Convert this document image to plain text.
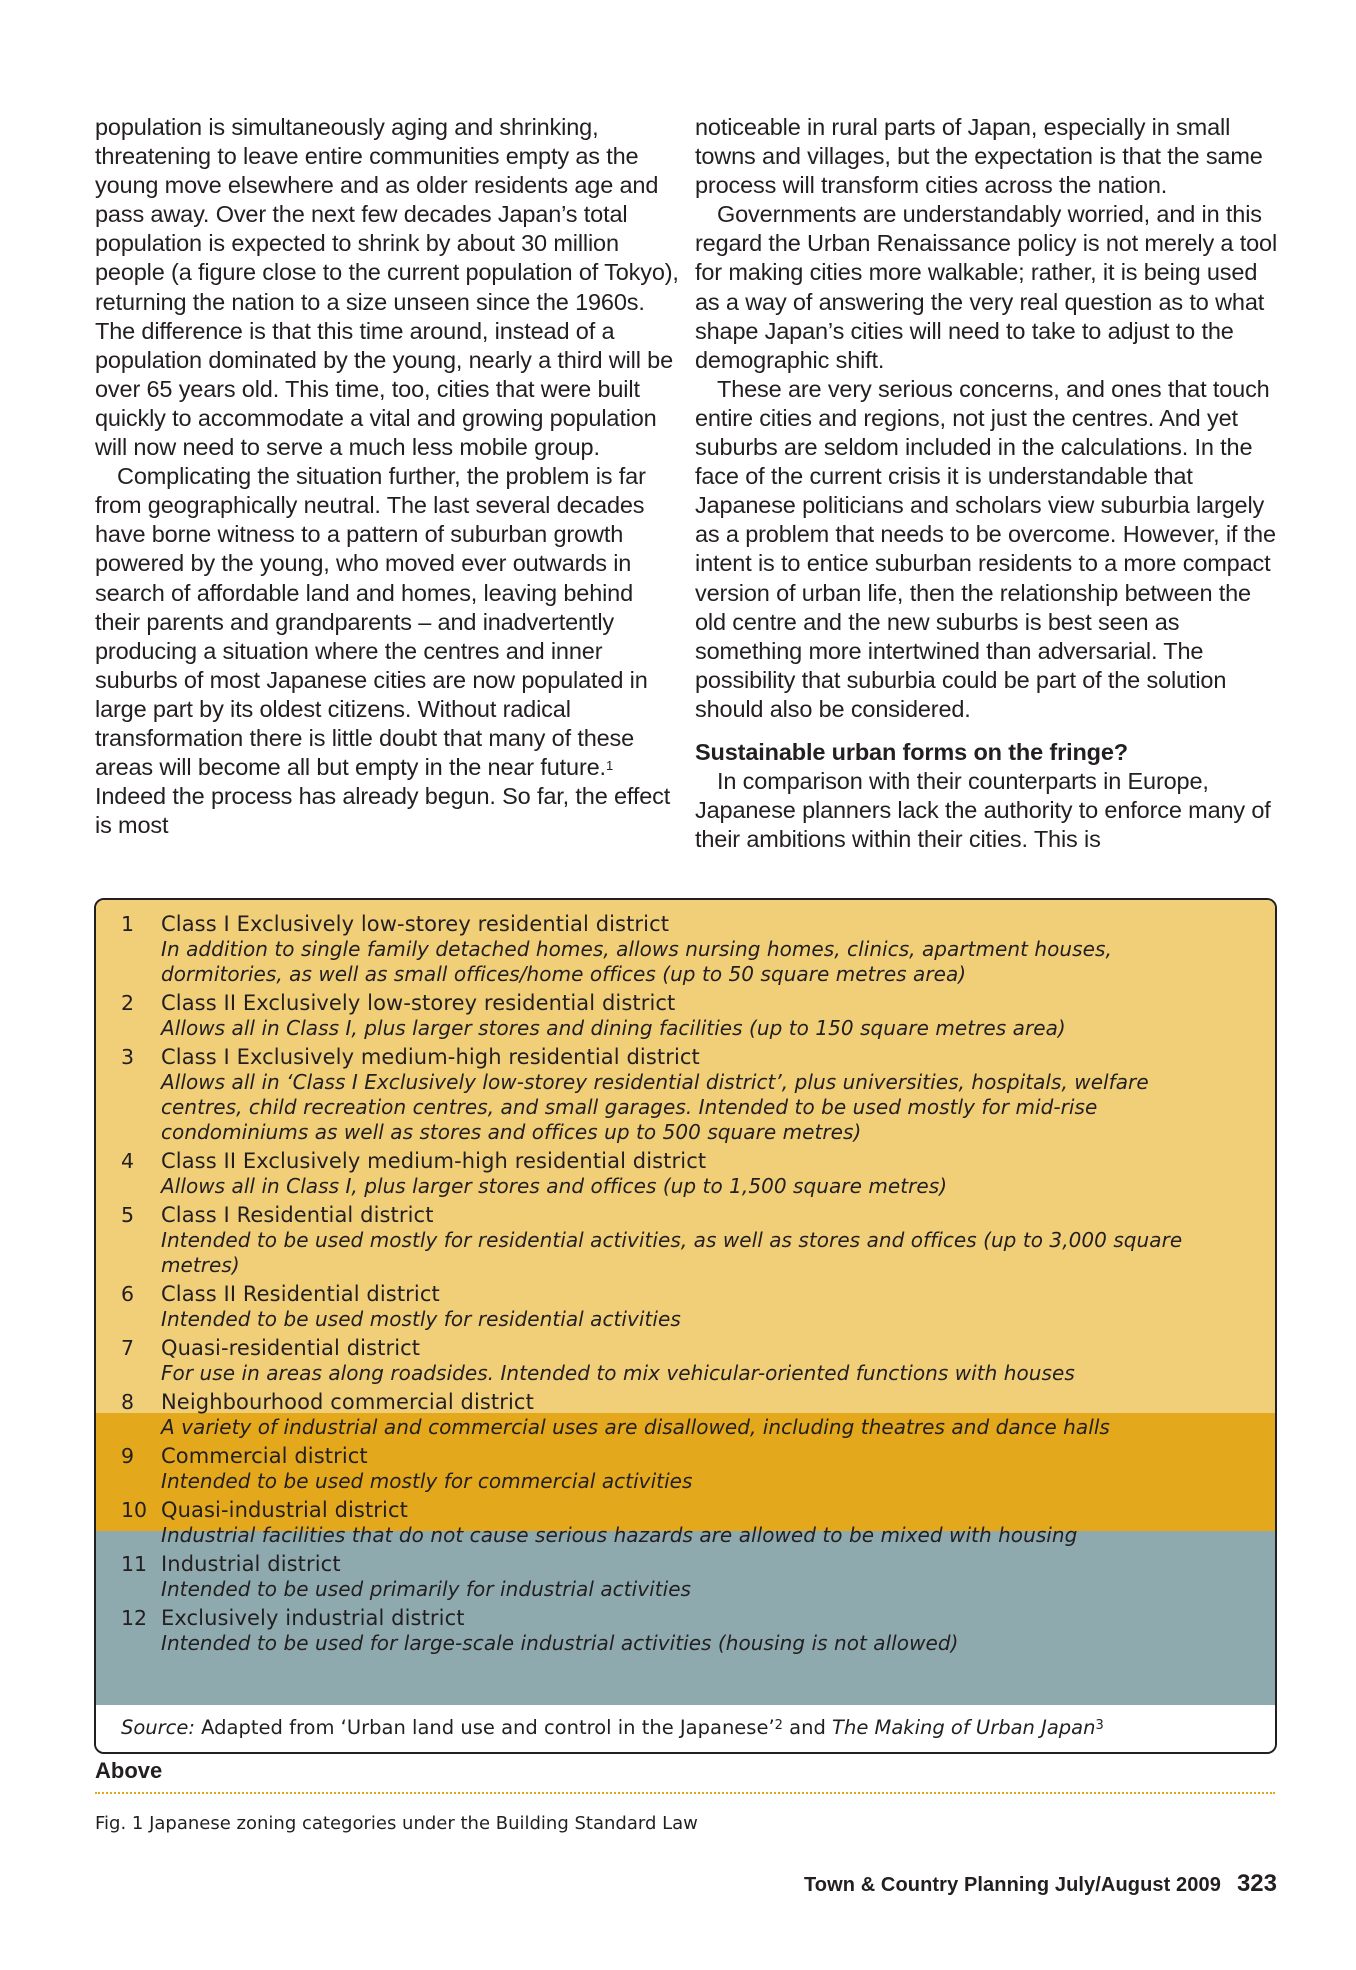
population is simultaneously aging and shrinking, threatening to leave entire communities empty as the young move elsewhere and as older residents age and pass away. Over the next few decades Japan’s total population is expected to shrink by about 30 million people (a figure close to the current population of Tokyo), returning the nation to a size unseen since the 1960s. The difference is that this time around, instead of a population dominated by the young, nearly a third will be over 65 years old. This time, too, cities that were built quickly to accommodate a vital and growing population will now need to serve a much less mobile group.

Complicating the situation further, the problem is far from geographically neutral. The last several decades have borne witness to a pattern of suburban growth powered by the young, who moved ever outwards in search of affordable land and homes, leaving behind their parents and grandparents – and inadvertently producing a situation where the centres and inner suburbs of most Japanese cities are now populated in large part by its oldest citizens. Without radical transformation there is little doubt that many of these areas will become all but empty in the near future.$^1$ Indeed the process has already begun. So far, the effect is most

noticeable in rural parts of Japan, especially in small towns and villages, but the expectation is that the same process will transform cities across the nation.

Governments are understandably worried, and in this regard the Urban Renaissance policy is not merely a tool for making cities more walkable; rather, it is being used as a way of answering the very real question as to what shape Japan’s cities will need to take to adjust to the demographic shift.

These are very serious concerns, and ones that touch entire cities and regions, not just the centres. And yet suburbs are seldom included in the calculations. In the face of the current crisis it is understandable that Japanese politicians and scholars view suburbia largely as a problem that needs to be overcome. However, if the intent is to entice suburban residents to a more compact version of urban life, then the relationship between the old centre and the new suburbs is best seen as something more intertwined than adversarial. The possibility that suburbia could be part of the solution should also be considered.

Sustainable urban forms on the fringe?

In comparison with their counterparts in Europe, Japanese planners lack the authority to enforce many of their ambitions within their cities. This is

1	Class I Exclusively low-storey residential district
In addition to single family detached homes, allows nursing homes, clinics, apartment houses, dormitories, as well as small offices/home offices (up to 50 square metres area)
2	Class II Exclusively low-storey residential district
Allows all in Class I, plus larger stores and dining facilities (up to 150 square metres area)
3	Class I Exclusively medium-high residential district
Allows all in ‘Class I Exclusively low-storey residential district’, plus universities, hospitals, welfare centres, child recreation centres, and small garages. Intended to be used mostly for mid-rise condominiums as well as stores and offices up to 500 square metres)
4	Class II Exclusively medium-high residential district
Allows all in Class I, plus larger stores and offices (up to 1,500 square metres)
5	Class I Residential district
Intended to be used mostly for residential activities, as well as stores and offices (up to 3,000 square metres)
6	Class II Residential district
Intended to be used mostly for residential activities
7	Quasi-residential district
For use in areas along roadsides. Intended to mix vehicular-oriented functions with houses
8	Neighbourhood commercial district
A variety of industrial and commercial uses are disallowed, including theatres and dance halls
9	Commercial district
Intended to be used mostly for commercial activities
10 Quasi-industrial district
Industrial facilities that do not cause serious hazards are allowed to be mixed with housing
11 Industrial district
Intended to be used primarily for industrial activities
12 Exclusively industrial district
Intended to be used for large-scale industrial activities (housing is not allowed)
Source: Adapted from ‘Urban land use and control in the Japanese’$^2$ and The Making of Urban Japan$^3$
Above
Fig. 1 Japanese zoning categories under the Building Standard Law
Town & Country Planning July/August 2009 323
